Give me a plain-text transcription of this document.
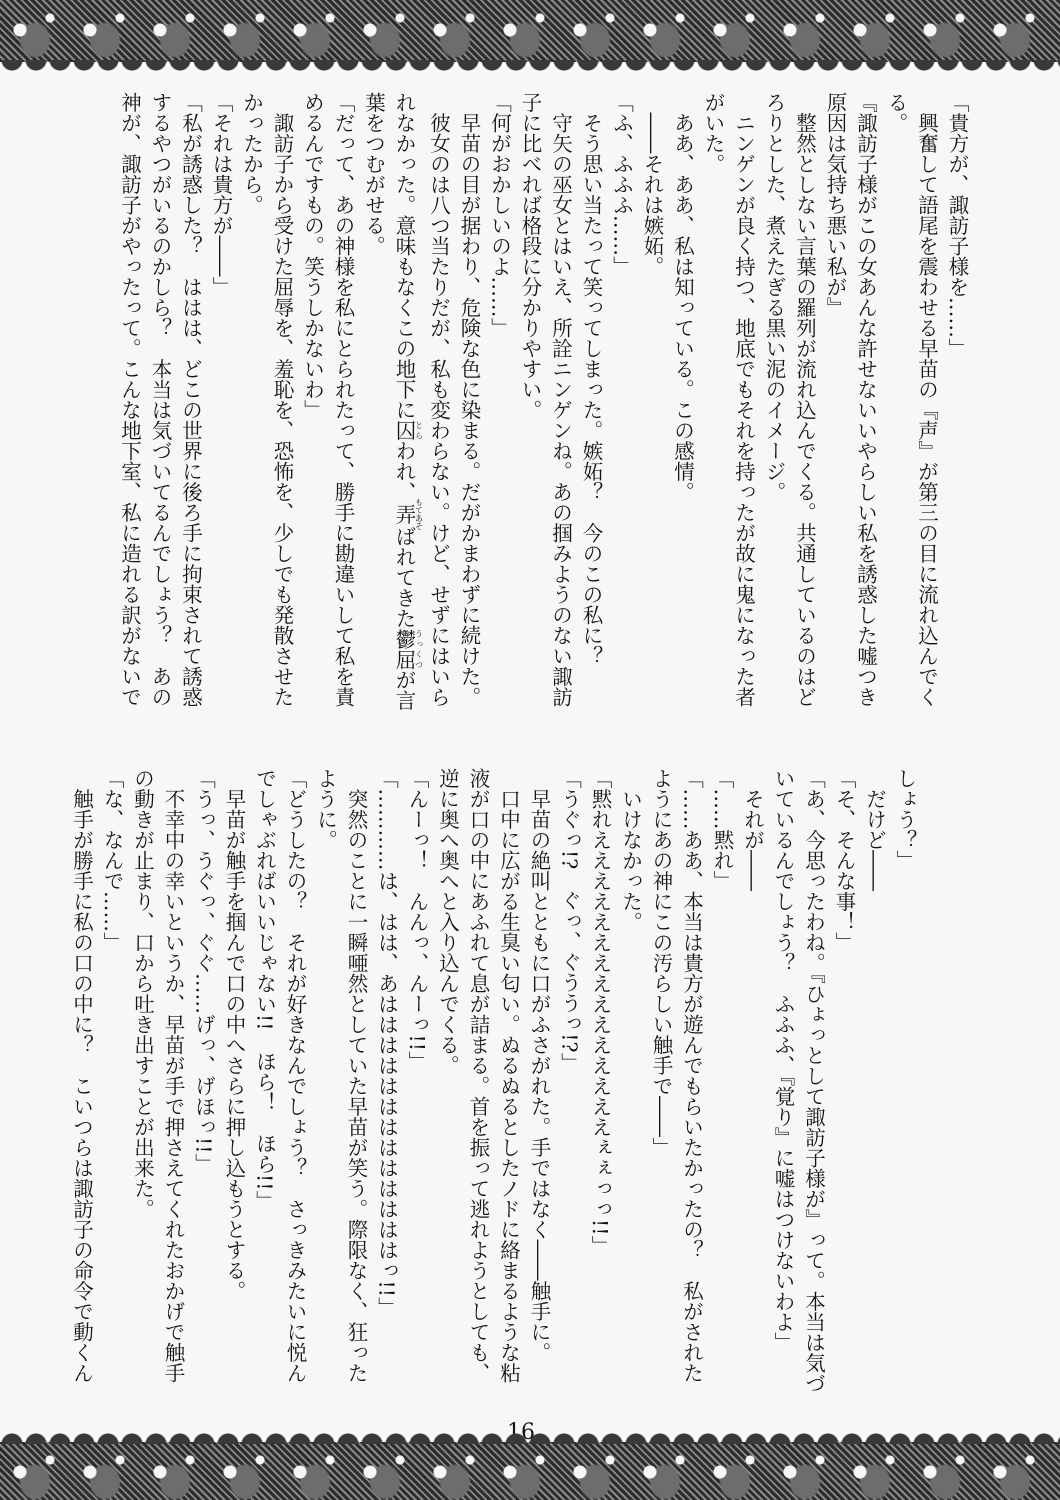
「貴方が、諏訪子様を……」
　興奮して語尾を震わせる早苗の『声』が第三の目に流れ込んでく
る。
『諏訪子様がこの女あんな許せないいやらしい私を誘惑した嘘つき
原因は気持ち悪い私が』
　整然としない言葉の羅列が流れ込んでくる。共通しているのはど
ろりとした、煮えたぎる黒い泥のイメージ。
　ニンゲンが良く持つ、地底でもそれを持ったが故に鬼になった者
がいた。
　ああ、ああ、私は知っている。この感情。
　――それは嫉妬。
「ふ、ふふふ……」
　そう思い当たって笑ってしまった。嫉妬？　今のこの私に？
　守矢の巫女とはいえ、所詮ニンゲンね。あの掴みようのない諏訪
子に比べれば格段に分かりやすい。
「何がおかしいのよ……」
　早苗の目が据わり、危険な色に染まる。だがかまわずに続けた。
　彼女のは八つ当たりだが、私も変わらない。けど、せずにはいら
れなかった。意味もなくこの地下に囚とらわれ、弄もてあそばれてきた鬱屈うっくつが言
葉をつむがせる。
「だって、あの神様を私にとられたって、勝手に勘違いして私を責
めるんですもの。笑うしかないわ」
　諏訪子から受けた屈辱を、羞恥を、恐怖を、少しでも発散させた
かったから。
「それは貴方が――」
「私が誘惑した？　ははは、どこの世界に後ろ手に拘束されて誘惑
するやつがいるのかしら？　本当は気づいてるんでしょう？　あの
神が、諏訪子がやったって。こんな地下室、私に造れる訳がないで
しょう？」
　だけど――
「そ、そんな事！」
「あ、今思ったわね。『ひょっとして諏訪子様が』って。本当は気づ
いているんでしょう？　ふふふ、『覚り』に嘘はつけないわよ」
　それが――
「……黙れ」
「……ああ、本当は貴方が遊んでもらいたかったの？　私がされた
ようにあの神にこの汚らしい触手で――」
　いけなかった。
「黙れえええええええええええええええぇぇっっ!!」
「うぐっ!?　ぐっ、ぐううっ!?」
　早苗の絶叫とともに口がふさがれた。手ではなく――触手に。
　口中に広がる生臭い匂い。ぬるぬるとしたノドに絡まるような粘
液が口の中にあふれて息が詰まる。首を振って逃れようとしても、
逆に奥へ奥へと入り込んでくる。
「んーっ！　んんっ、んーっ!!」
「…………は、はは、あはははははははははははははっ!!」
　突然のことに一瞬唖然としていた早苗が笑う。際限なく、狂った
ように。
「どうしたの？　それが好きなんでしょう？　さっきみたいに悦ん
でしゃぶればいいじゃない!!　ほら！　ほら!!」
　早苗が触手を掴んで口の中へさらに押し込もうとする。
「うっ、うぐっ、ぐぐ……げっ、げほっ!!」
　不幸中の幸いというか、早苗が手で押さえてくれたおかげで触手
の動きが止まり、口から吐き出すことが出来た。
「な、なんで……」
　触手が勝手に私の口の中に？　こいつらは諏訪子の命令で動くん
